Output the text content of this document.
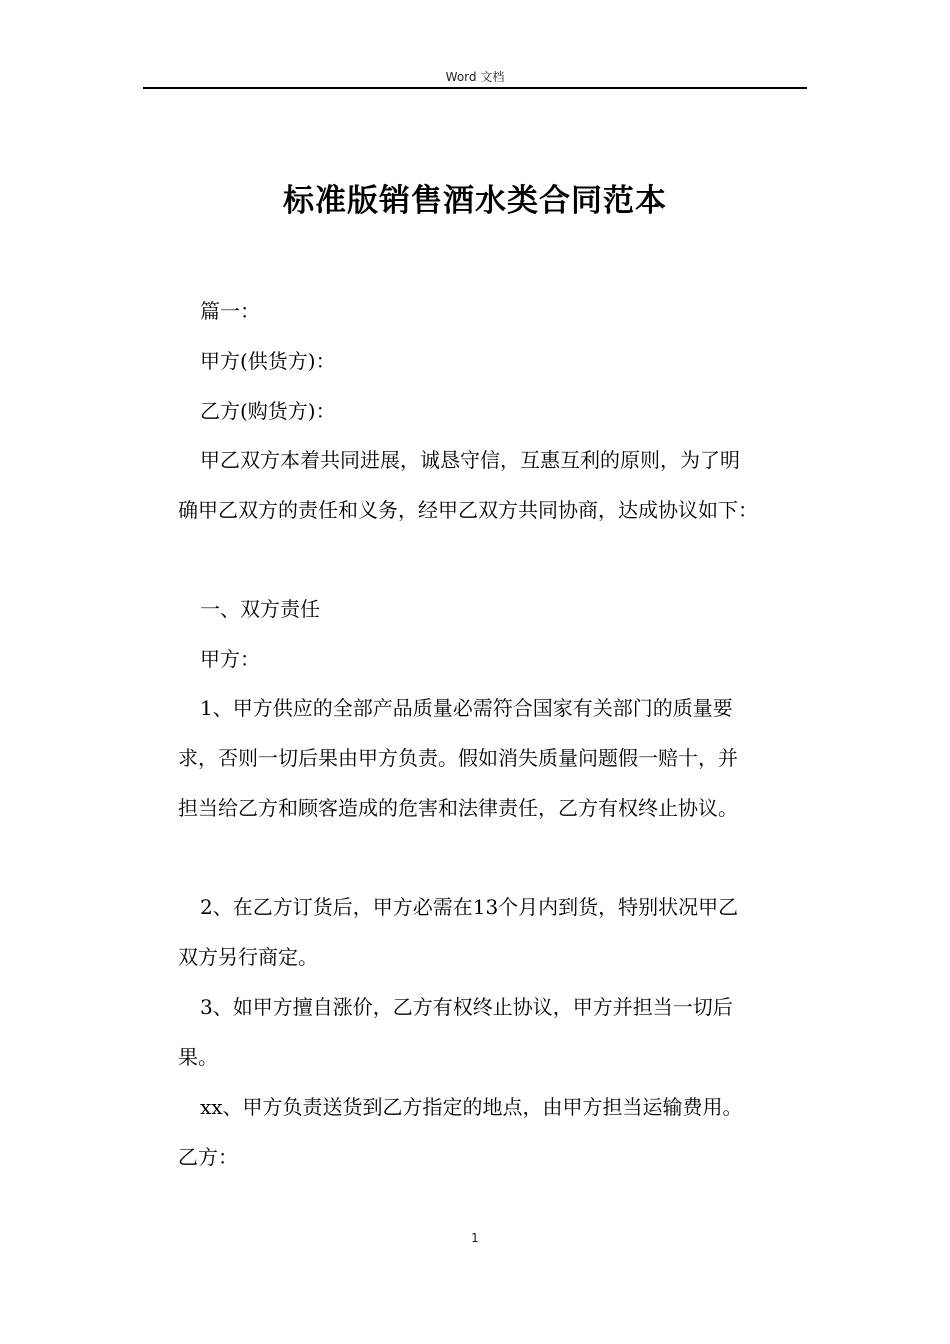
Word 文档
标准版销售酒水类合同范本

篇一：

甲方(供货方)：

乙方(购货方)：

甲乙双方本着共同进展，诚恳守信，互惠互利的原则，为了明
确甲乙双方的责任和义务，经甲乙双方共同协商，达成协议如下：

一、双方责任

甲方：

1、甲方供应的全部产品质量必需符合国家有关部门的质量要
求，否则一切后果由甲方负责。假如消失质量问题假一赔十，并
担当给乙方和顾客造成的危害和法律责任，乙方有权终止协议。

2、在乙方订货后，甲方必需在13个月内到货，特别状况甲乙
双方另行商定。

3、如甲方擅自涨价，乙方有权终止协议，甲方并担当一切后
果。

xx、甲方负责送货到乙方指定的地点，由甲方担当运输费用。

乙方：

1
